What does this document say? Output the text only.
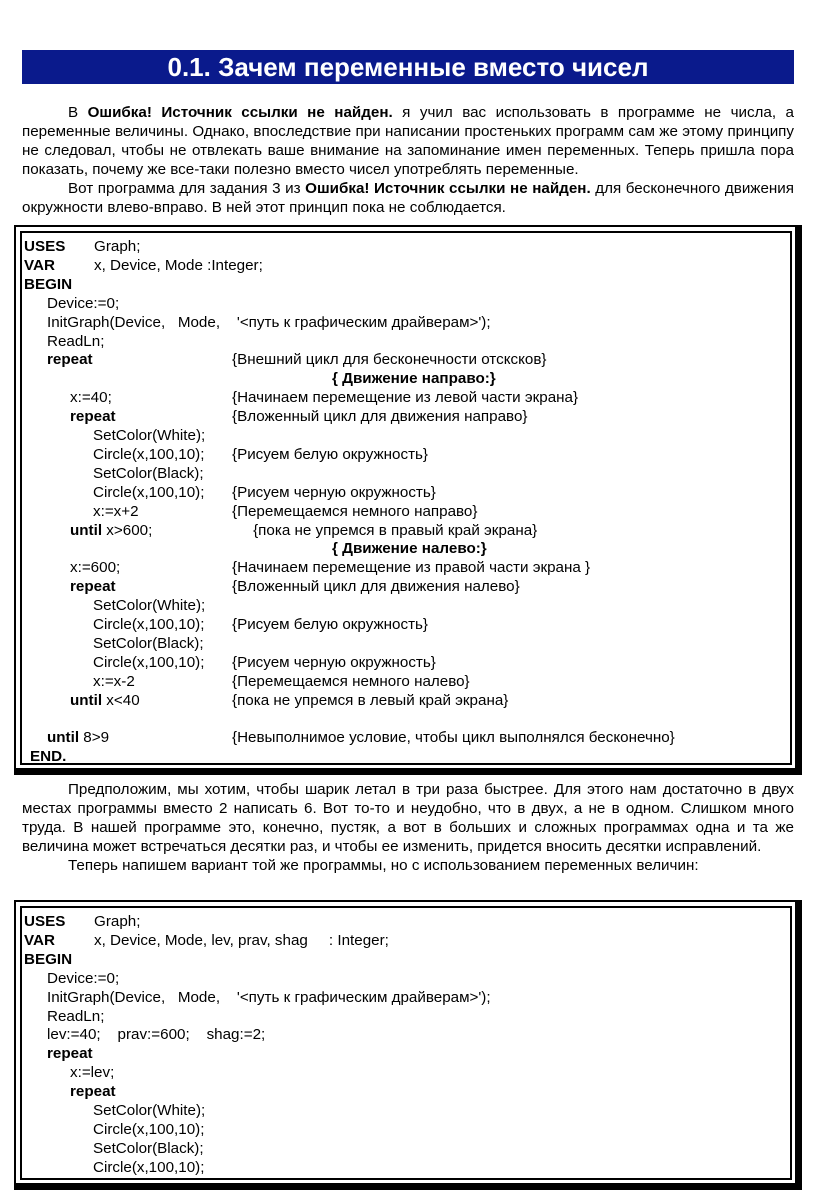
0.1. Зачем переменные вместо чисел

В Ошибка! Источник ссылки не найден. я учил вас использовать в программе не числа, а переменные величины. Однако, впоследствие при написании простеньких программ сам же этому принципу не следовал, чтобы не отвлекать ваше внимание на запоминание имен переменных. Теперь пришла пора показать, почему же все-таки полезно вместо чисел употреблять переменные.

Вот программа для задания 3 из Ошибка! Источник ссылки не найден. для бесконечного движения окружности влево-вправо. В ней этот принцип пока не соблюдается.

USES Graph;
VAR	x, Device, Mode :Integer;
BEGIN
Device:=0;
InitGraph(Device,   Mode,    '<путь к графическим драйверам>');
ReadLn;
repeat	{Внешний цикл для бесконечности отсксков}
{ Движение направо:}
x:=40;	{Начинаем перемещение из левой части экрана}
repeat	{Вложенный цикл для движения направо}
SetColor(White);
Circle(x,100,10); {Рисуем белую окружность}
SetColor(Black);
Circle(x,100,10); {Рисуем черную окружность}
x:=x+2	{Перемещаемся немного направо}
until x>600;	{пока не упремся в правый край экрана}
{ Движение налево:}
x:=600;	{Начинаем перемещение из правой части экрана }
repeat	{Вложенный цикл для движения налево}
SetColor(White);
Circle(x,100,10); {Рисуем белую окружность}
SetColor(Black);
Circle(x,100,10); {Рисуем черную окружность}
x:=x-2	{Перемещаемся немного налево}
until x<40	{пока не упремся в левый край экрана}
until 8>9	{Невыполнимое условие, чтобы цикл выполнялся бесконечно}
END.

Предположим, мы хотим, чтобы шарик летал в три раза быстрее. Для этого нам достаточно в двух местах программы вместо 2 написать 6. Вот то-то и неудобно, что в двух, а не в одном. Слишком много труда. В нашей программе это, конечно, пустяк, а вот в больших и сложных программах одна и та же величина может встречаться десятки раз, и чтобы ее изменить, придется вносить десятки исправлений.

Теперь напишем вариант той же программы, но с использованием переменных величин:

USES Graph;
VAR	x, Device, Mode, lev, prav, shag     : Integer;
BEGIN
Device:=0;
InitGraph(Device,   Mode,    '<путь к графическим драйверам>');
ReadLn;
lev:=40;    prav:=600;    shag:=2;
repeat
x:=lev;
repeat
SetColor(White);
Circle(x,100,10);
SetColor(Black);
Circle(x,100,10);
